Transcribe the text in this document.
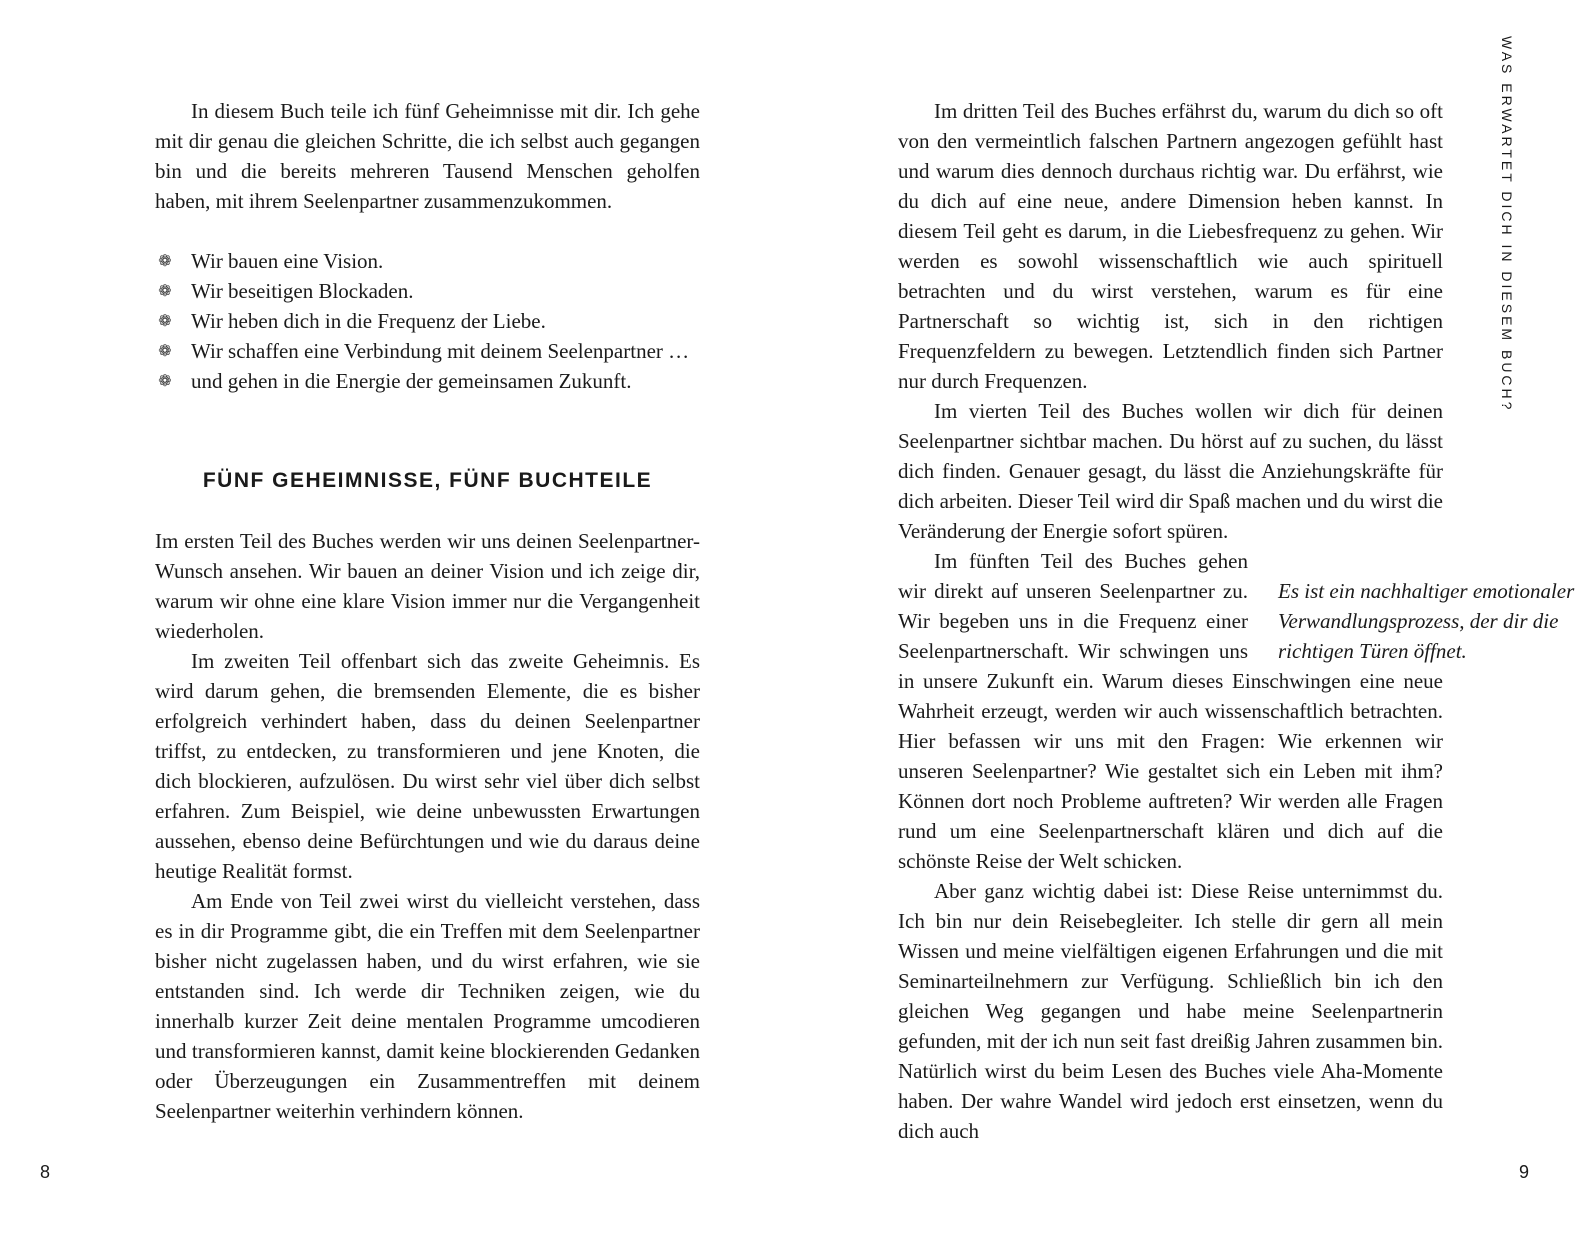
In diesem Buch teile ich fünf Geheimnisse mit dir. Ich gehe mit dir genau die gleichen Schritte, die ich selbst auch gegangen bin und die bereits mehreren Tausend Menschen geholfen haben, mit ihrem Seelenpartner zusammenzukommen.

❁ Wir bauen eine Vision.
❁ Wir beseitigen Blockaden.
❁ Wir heben dich in die Frequenz der Liebe.
❁ Wir schaffen eine Verbindung mit deinem Seelenpartner …
❁ und gehen in die Energie der gemeinsamen Zukunft.
FÜNF GEHEIMNISSE, FÜNF BUCHTEILE

Im ersten Teil des Buches werden wir uns deinen Seelenpartner-Wunsch ansehen. Wir bauen an deiner Vision und ich zeige dir, warum wir ohne eine klare Vision immer nur die Vergangenheit wiederholen.

Im zweiten Teil offenbart sich das zweite Geheimnis. Es wird darum gehen, die bremsenden Elemente, die es bisher erfolgreich verhindert haben, dass du deinen Seelenpartner triffst, zu entdecken, zu transformieren und jene Knoten, die dich blockieren, aufzulösen. Du wirst sehr viel über dich selbst erfahren. Zum Beispiel, wie deine unbewussten Erwartungen aussehen, ebenso deine Befürchtungen und wie du daraus deine heutige Realität formst.

Am Ende von Teil zwei wirst du vielleicht verstehen, dass es in dir Programme gibt, die ein Treffen mit dem Seelenpartner bisher nicht zugelassen haben, und du wirst erfahren, wie sie entstanden sind. Ich werde dir Techniken zeigen, wie du innerhalb kurzer Zeit deine mentalen Programme umcodieren und transformieren kannst, damit keine blockierenden Gedanken oder Überzeugungen ein Zusammentreffen mit deinem Seelenpartner weiterhin verhindern können.

8

Im dritten Teil des Buches erfährst du, warum du dich so oft von den vermeintlich falschen Partnern angezogen gefühlt hast und warum dies dennoch durchaus richtig war. Du erfährst, wie du dich auf eine neue, andere Dimension heben kannst. In diesem Teil geht es darum, in die Liebesfrequenz zu gehen. Wir werden es sowohl wissenschaftlich wie auch spirituell betrachten und du wirst verstehen, warum es für eine Partnerschaft so wichtig ist, sich in den richtigen Frequenzfeldern zu bewegen. Letztendlich finden sich Partner nur durch Frequenzen.

Im vierten Teil des Buches wollen wir dich für deinen Seelenpartner sichtbar machen. Du hörst auf zu suchen, du lässt dich finden. Genauer gesagt, du lässt die Anziehungskräfte für dich arbeiten. Dieser Teil wird dir Spaß machen und du wirst die Veränderung der Energie sofort spüren.

Es ist ein nachhaltiger emotionaler Verwandlungsprozess, der dir die richtigen Türen öffnet.

Im fünften Teil des Buches gehen wir direkt auf unseren Seelenpartner zu. Wir begeben uns in die Frequenz einer Seelenpartnerschaft. Wir schwingen uns in unsere Zukunft ein. Warum dieses Einschwingen eine neue Wahrheit erzeugt, werden wir auch wissenschaftlich betrachten. Hier befassen wir uns mit den Fragen: Wie erkennen wir unseren Seelenpartner? Wie gestaltet sich ein Leben mit ihm? Können dort noch Probleme auftreten? Wir werden alle Fragen rund um eine Seelenpartnerschaft klären und dich auf die schönste Reise der Welt schicken.

Aber ganz wichtig dabei ist: Diese Reise unternimmst du. Ich bin nur dein Reisebegleiter. Ich stelle dir gern all mein Wissen und meine vielfältigen eigenen Erfahrungen und die mit Seminarteilnehmern zur Verfügung. Schließlich bin ich den gleichen Weg gegangen und habe meine Seelenpartnerin gefunden, mit der ich nun seit fast dreißig Jahren zusammen bin. Natürlich wirst du beim Lesen des Buches viele Aha-Momente haben. Der wahre Wandel wird jedoch erst einsetzen, wenn du dich auch

WAS ERWARTET DICH IN DIESEM BUCH?
9
